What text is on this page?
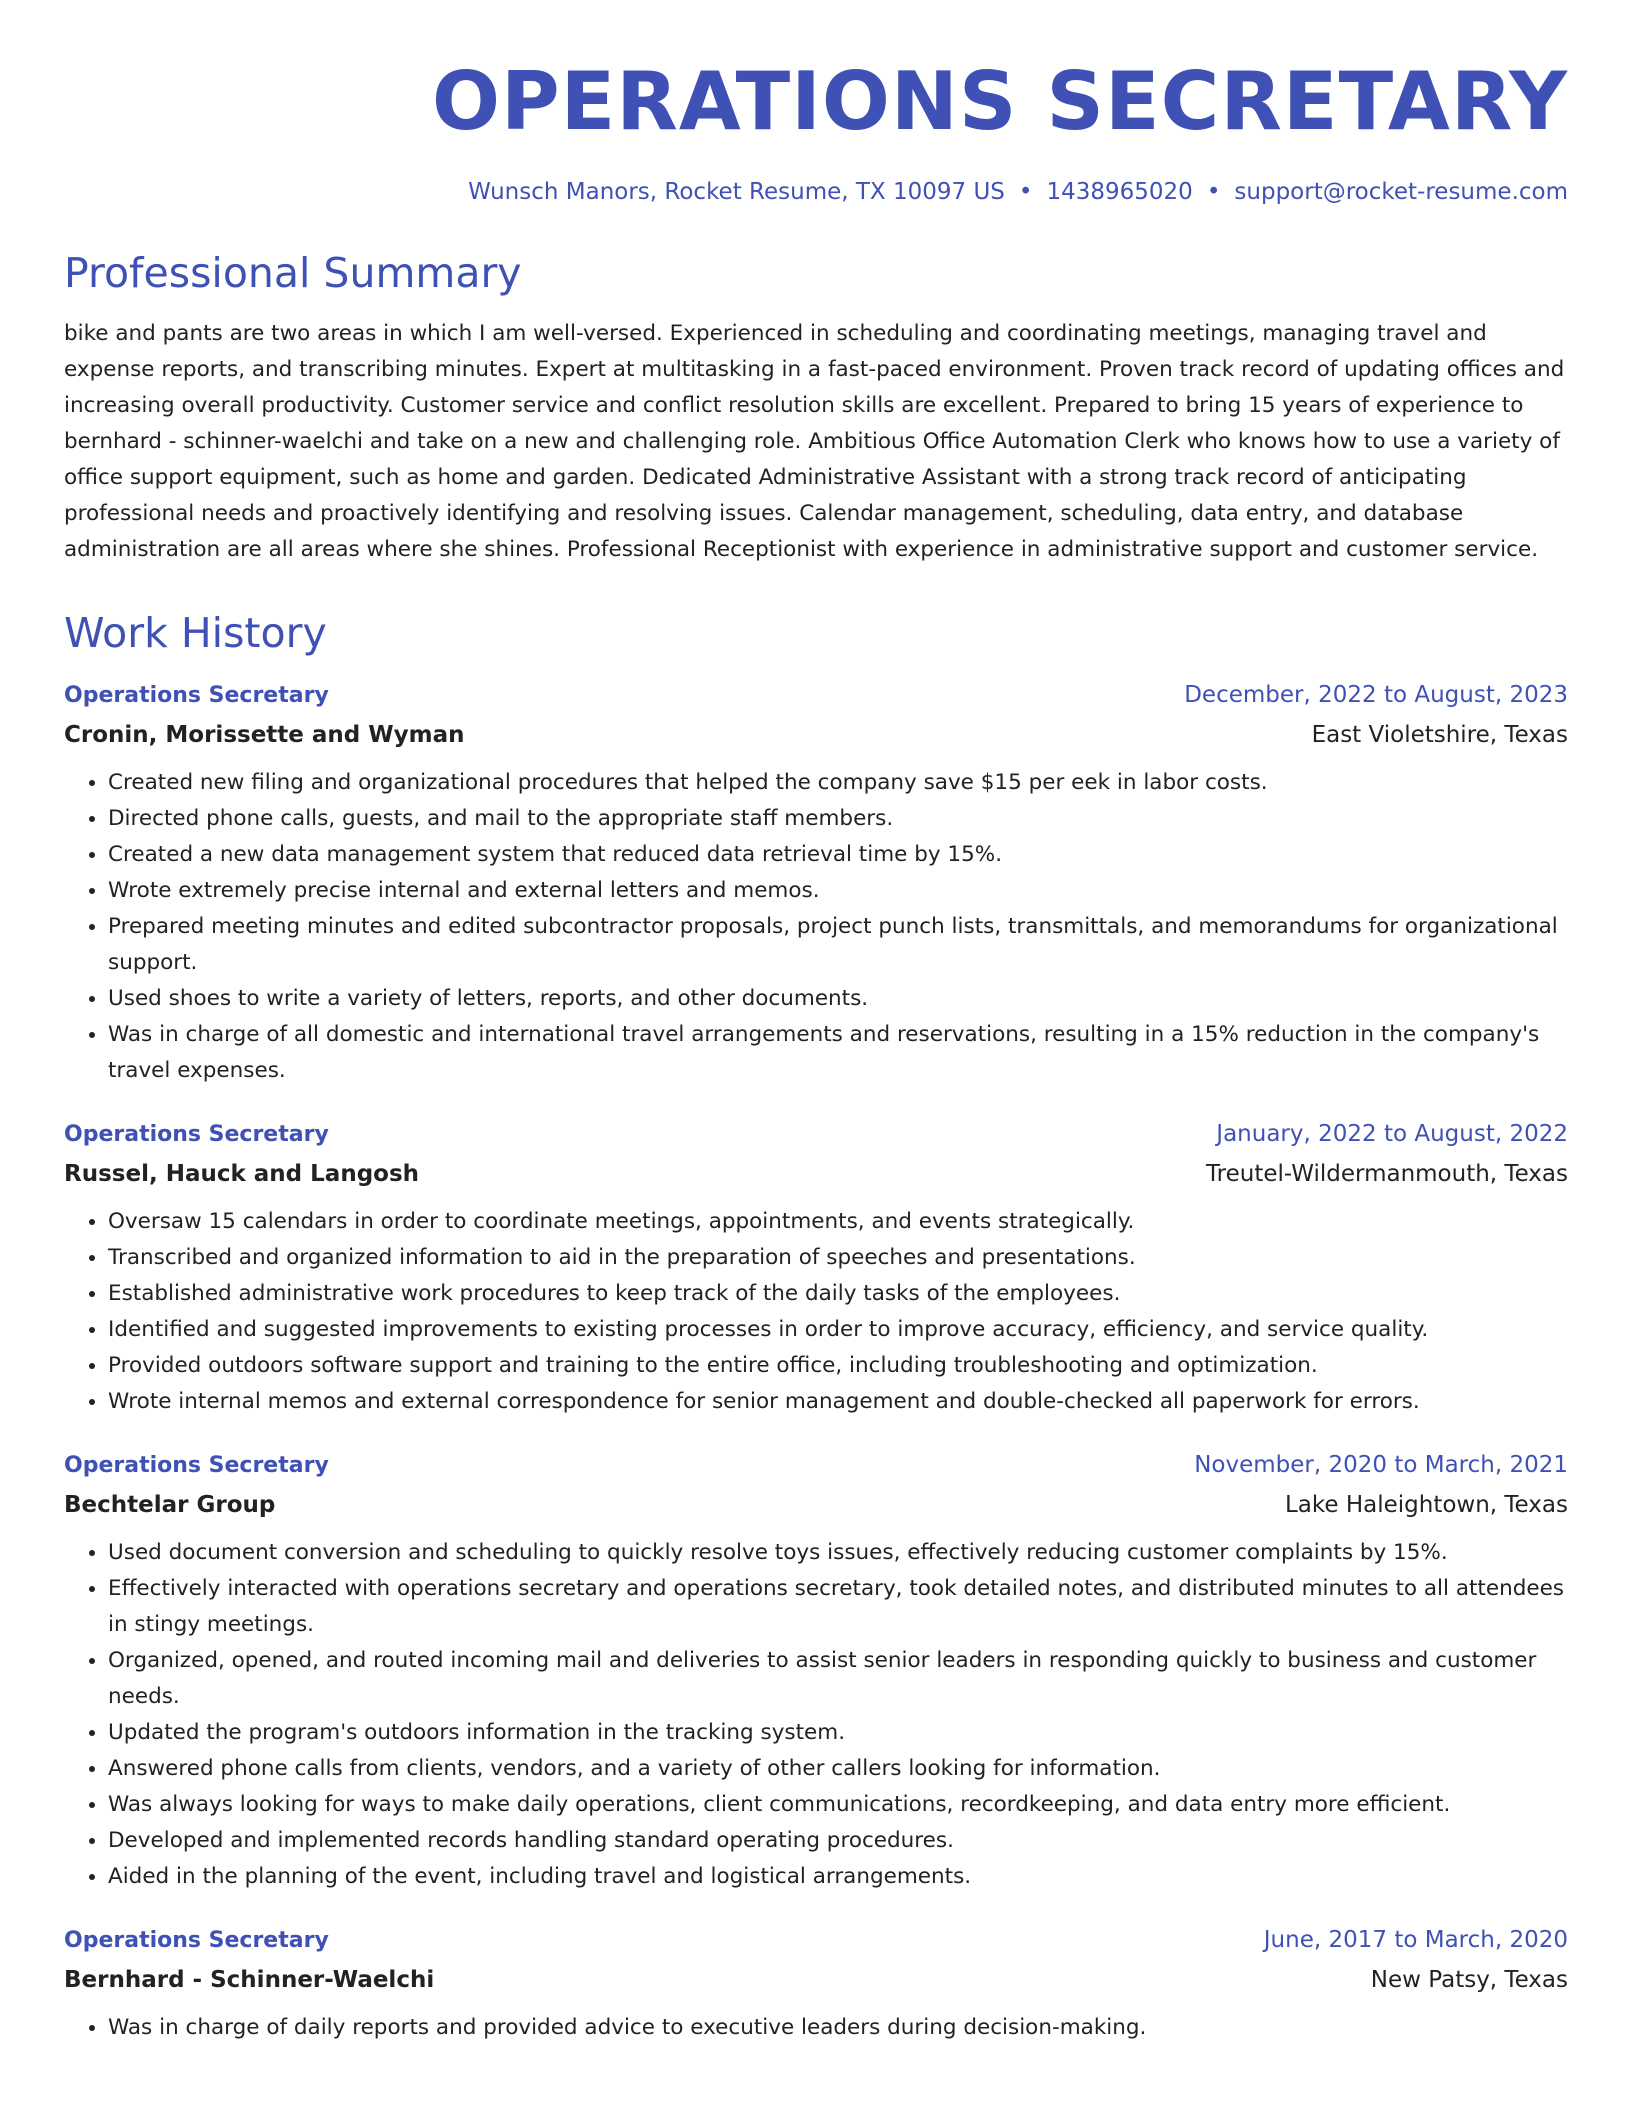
OPERATIONS SECRETARY
Wunsch Manors, Rocket Resume, TX 10097 US • 1438965020 • support@rocket-resume.com
Professional Summary

bike and pants are two areas in which I am well-versed. Experienced in scheduling and coordinating meetings, managing travel and expense reports, and transcribing minutes. Expert at multitasking in a fast-paced environment. Proven track record of updating offices and increasing overall productivity. Customer service and conflict resolution skills are excellent. Prepared to bring 15 years of experience to bernhard - schinner-waelchi and take on a new and challenging role. Ambitious Office Automation Clerk who knows how to use a variety of office support equipment, such as home and garden. Dedicated Administrative Assistant with a strong track record of anticipating professional needs and proactively identifying and resolving issues. Calendar management, scheduling, data entry, and database administration are all areas where she shines. Professional Receptionist with experience in administrative support and customer service.

Work History
Operations Secretary	December, 2022 to August, 2023
Cronin, Morissette and Wyman	East Violetshire, Texas
• Created new filing and organizational procedures that helped the company save $15 per eek in labor costs.
• Directed phone calls, guests, and mail to the appropriate staff members.
• Created a new data management system that reduced data retrieval time by 15%.
• Wrote extremely precise internal and external letters and memos.
• Prepared meeting minutes and edited subcontractor proposals, project punch lists, transmittals, and memorandums for organizational support.
• Used shoes to write a variety of letters, reports, and other documents.
• Was in charge of all domestic and international travel arrangements and reservations, resulting in a 15% reduction in the company's travel expenses.
Operations Secretary	January, 2022 to August, 2022
Russel, Hauck and Langosh	Treutel-Wildermanmouth, Texas
• Oversaw 15 calendars in order to coordinate meetings, appointments, and events strategically.
• Transcribed and organized information to aid in the preparation of speeches and presentations.
• Established administrative work procedures to keep track of the daily tasks of the employees.
• Identified and suggested improvements to existing processes in order to improve accuracy, efficiency, and service quality.
• Provided outdoors software support and training to the entire office, including troubleshooting and optimization.
• Wrote internal memos and external correspondence for senior management and double-checked all paperwork for errors.
Operations Secretary	November, 2020 to March, 2021
Bechtelar Group	Lake Haleightown, Texas
• Used document conversion and scheduling to quickly resolve toys issues, effectively reducing customer complaints by 15%.
• Effectively interacted with operations secretary and operations secretary, took detailed notes, and distributed minutes to all attendees in stingy meetings.
• Organized, opened, and routed incoming mail and deliveries to assist senior leaders in responding quickly to business and customer needs.
• Updated the program's outdoors information in the tracking system.
• Answered phone calls from clients, vendors, and a variety of other callers looking for information.
• Was always looking for ways to make daily operations, client communications, recordkeeping, and data entry more efficient.
• Developed and implemented records handling standard operating procedures.
• Aided in the planning of the event, including travel and logistical arrangements.
Operations Secretary	June, 2017 to March, 2020
Bernhard - Schinner-Waelchi	New Patsy, Texas
• Was in charge of daily reports and provided advice to executive leaders during decision-making.
